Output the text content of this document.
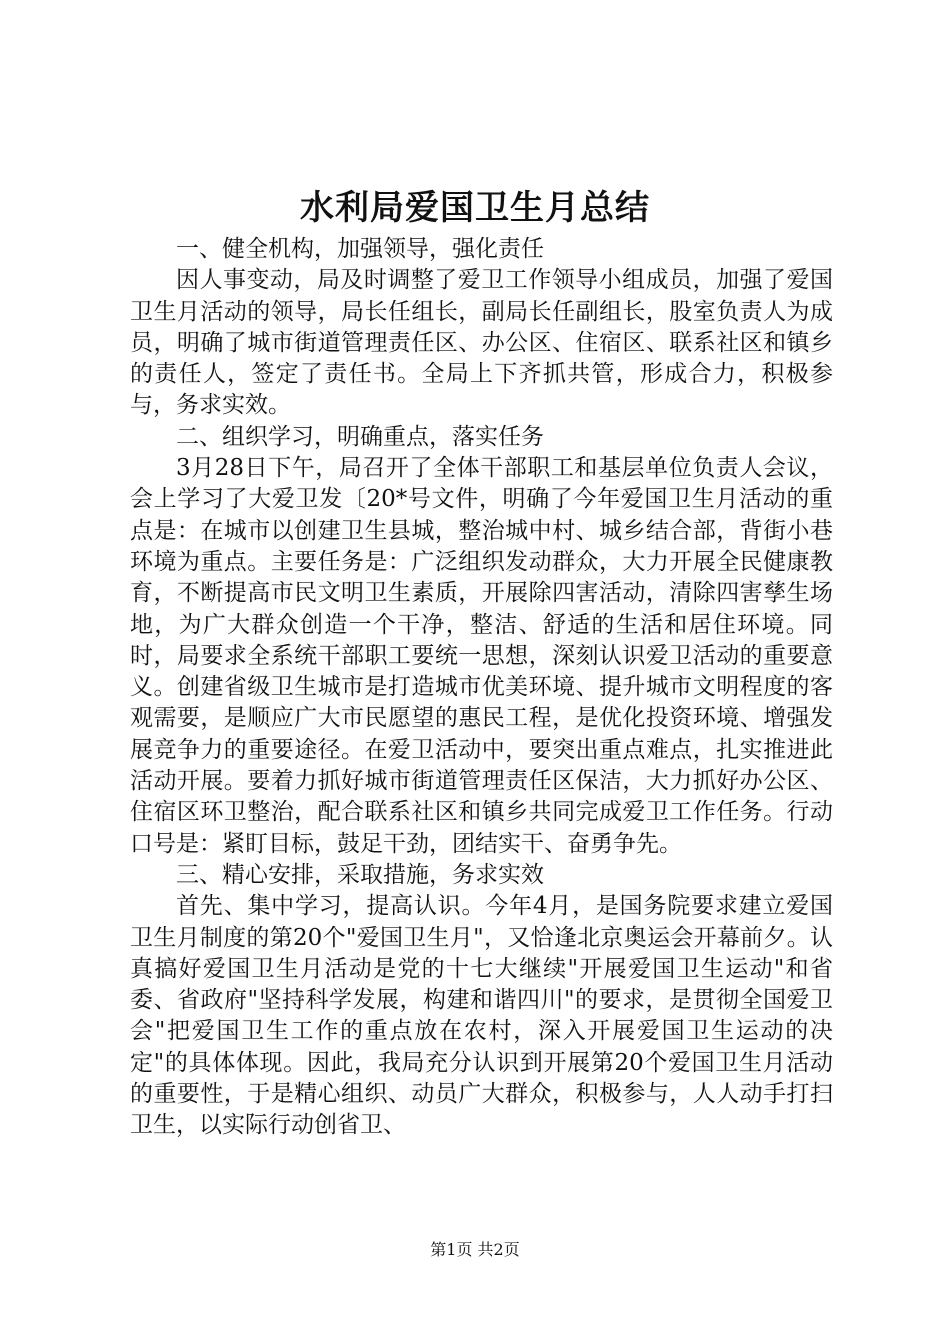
水利局爱国卫生月总结

一、健全机构，加强领导，强化责任

因人事变动，局及时调整了爱卫工作领导小组成员，加强了爱国卫生月活动的领导，局长任组长，副局长任副组长，股室负责人为成员，明确了城市街道管理责任区、办公区、住宿区、联系社区和镇乡的责任人，签定了责任书。全局上下齐抓共管，形成合力，积极参与，务求实效。

二、组织学习，明确重点，落实任务

3月28日下午，局召开了全体干部职工和基层单位负责人会议，会上学习了大爱卫发〔20*号文件，明确了今年爱国卫生月活动的重点是：在城市以创建卫生县城，整治城中村、城乡结合部，背街小巷环境为重点。主要任务是：广泛组织发动群众，大力开展全民健康教育，不断提高市民文明卫生素质，开展除四害活动，清除四害孳生场地，为广大群众创造一个干净，整洁、舒适的生活和居住环境。同时，局要求全系统干部职工要统一思想，深刻认识爱卫活动的重要意义。创建省级卫生城市是打造城市优美环境、提升城市文明程度的客观需要，是顺应广大市民愿望的惠民工程，是优化投资环境、增强发展竞争力的重要途径。在爱卫活动中，要突出重点难点，扎实推进此活动开展。要着力抓好城市街道管理责任区保洁，大力抓好办公区、住宿区环卫整治，配合联系社区和镇乡共同完成爱卫工作任务。行动口号是：紧盯目标，鼓足干劲，团结实干、奋勇争先。

三、精心安排，采取措施，务求实效

首先、集中学习，提高认识。今年4月，是国务院要求建立爱国卫生月制度的第20个"爱国卫生月"，又恰逢北京奥运会开幕前夕。认真搞好爱国卫生月活动是党的十七大继续"开展爱国卫生运动"和省委、省政府"坚持科学发展，构建和谐四川"的要求，是贯彻全国爱卫会"把爱国卫生工作的重点放在农村，深入开展爱国卫生运动的决定"的具体体现。因此，我局充分认识到开展第20个爱国卫生月活动的重要性，于是精心组织、动员广大群众，积极参与，人人动手打扫卫生，以实际行动创省卫、

第1页 共2页
